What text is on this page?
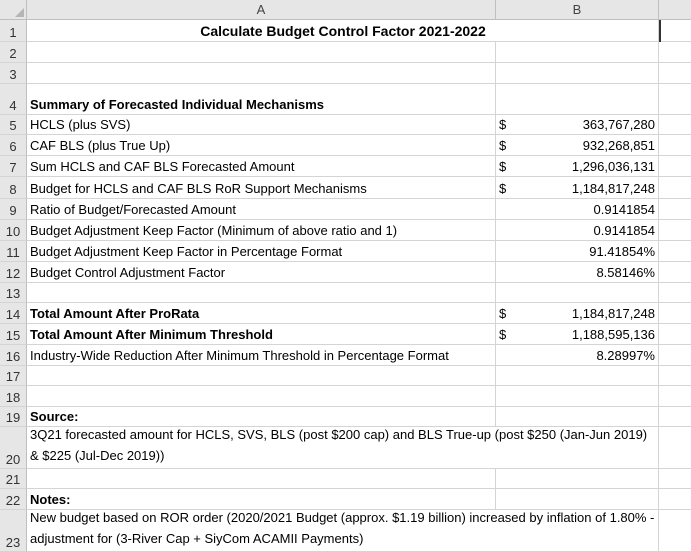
A	B
1	Calculate Budget Control Factor 2021-2022
2
3
4	Summary of Forecasted Individual Mechanisms
5	HCLS (plus SVS)	$	363,767,280
6	CAF BLS (plus True Up)	$	932,268,851
7	Sum HCLS and CAF BLS Forecasted Amount	$	1,296,036,131
8	Budget for HCLS and CAF BLS RoR Support Mechanisms	$	1,184,817,248
9	Ratio of Budget/Forecasted Amount	0.9141854
10 Budget Adjustment Keep Factor (Minimum of above ratio and 1)	0.9141854
11 Budget Adjustment Keep Factor in Percentage Format	91.41854%
12 Budget Control Adjustment Factor	8.58146%
13
14 Total Amount After ProRata	$	1,184,817,248
15 Total Amount After Minimum Threshold	$	1,188,595,136
16 Industry-Wide Reduction After Minimum Threshold in Percentage Format	8.28997%
17
18
19 Source:
20
3Q21 forecasted amount for HCLS, SVS, BLS (post $200 cap) and BLS True-up (post $250 (Jan-Jun 2019) & $225 (Jul-Dec 2019))
21
22 Notes:
23
New budget based on ROR order (2020/2021 Budget (approx. $1.19 billion) increased by inflation of 1.80% - adjustment for (3-River Cap + SiyCom ACAMII Payments)
